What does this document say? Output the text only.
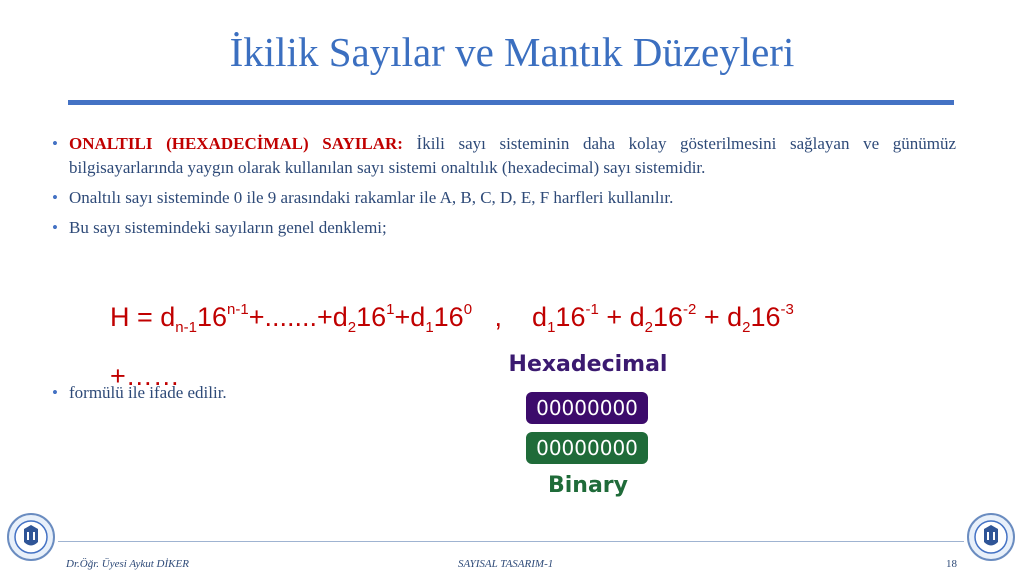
İkilik Sayılar ve Mantık Düzeyleri
• ONALTILI (HEXADECİMAL) SAYILAR: İkili sayı sisteminin daha kolay gösterilmesini sağlayan ve günümüz bilgisayarlarında yaygın olarak kullanılan sayı sistemi onaltılık (hexadecimal) sayı sistemidir.
• Onaltılı sayı sisteminde 0 ile 9 arasındaki rakamlar ile A, B, C, D, E, F harfleri kullanılır.
• Bu sayı sistemindeki sayıların genel denklemi;
$H = d_{n-1}16^{n-1}+.......+d_216^1+d_116^0$   ,    $d_116^{-1} + d_216^{-2} + d_216^{-3}$
+……
• formülü ile ifade edilir.
Hexadecimal
00000000
00000000
Binary
Dr.Öğr. Üyesi Aykut DİKER	SAYISAL TASARIM-1	18
